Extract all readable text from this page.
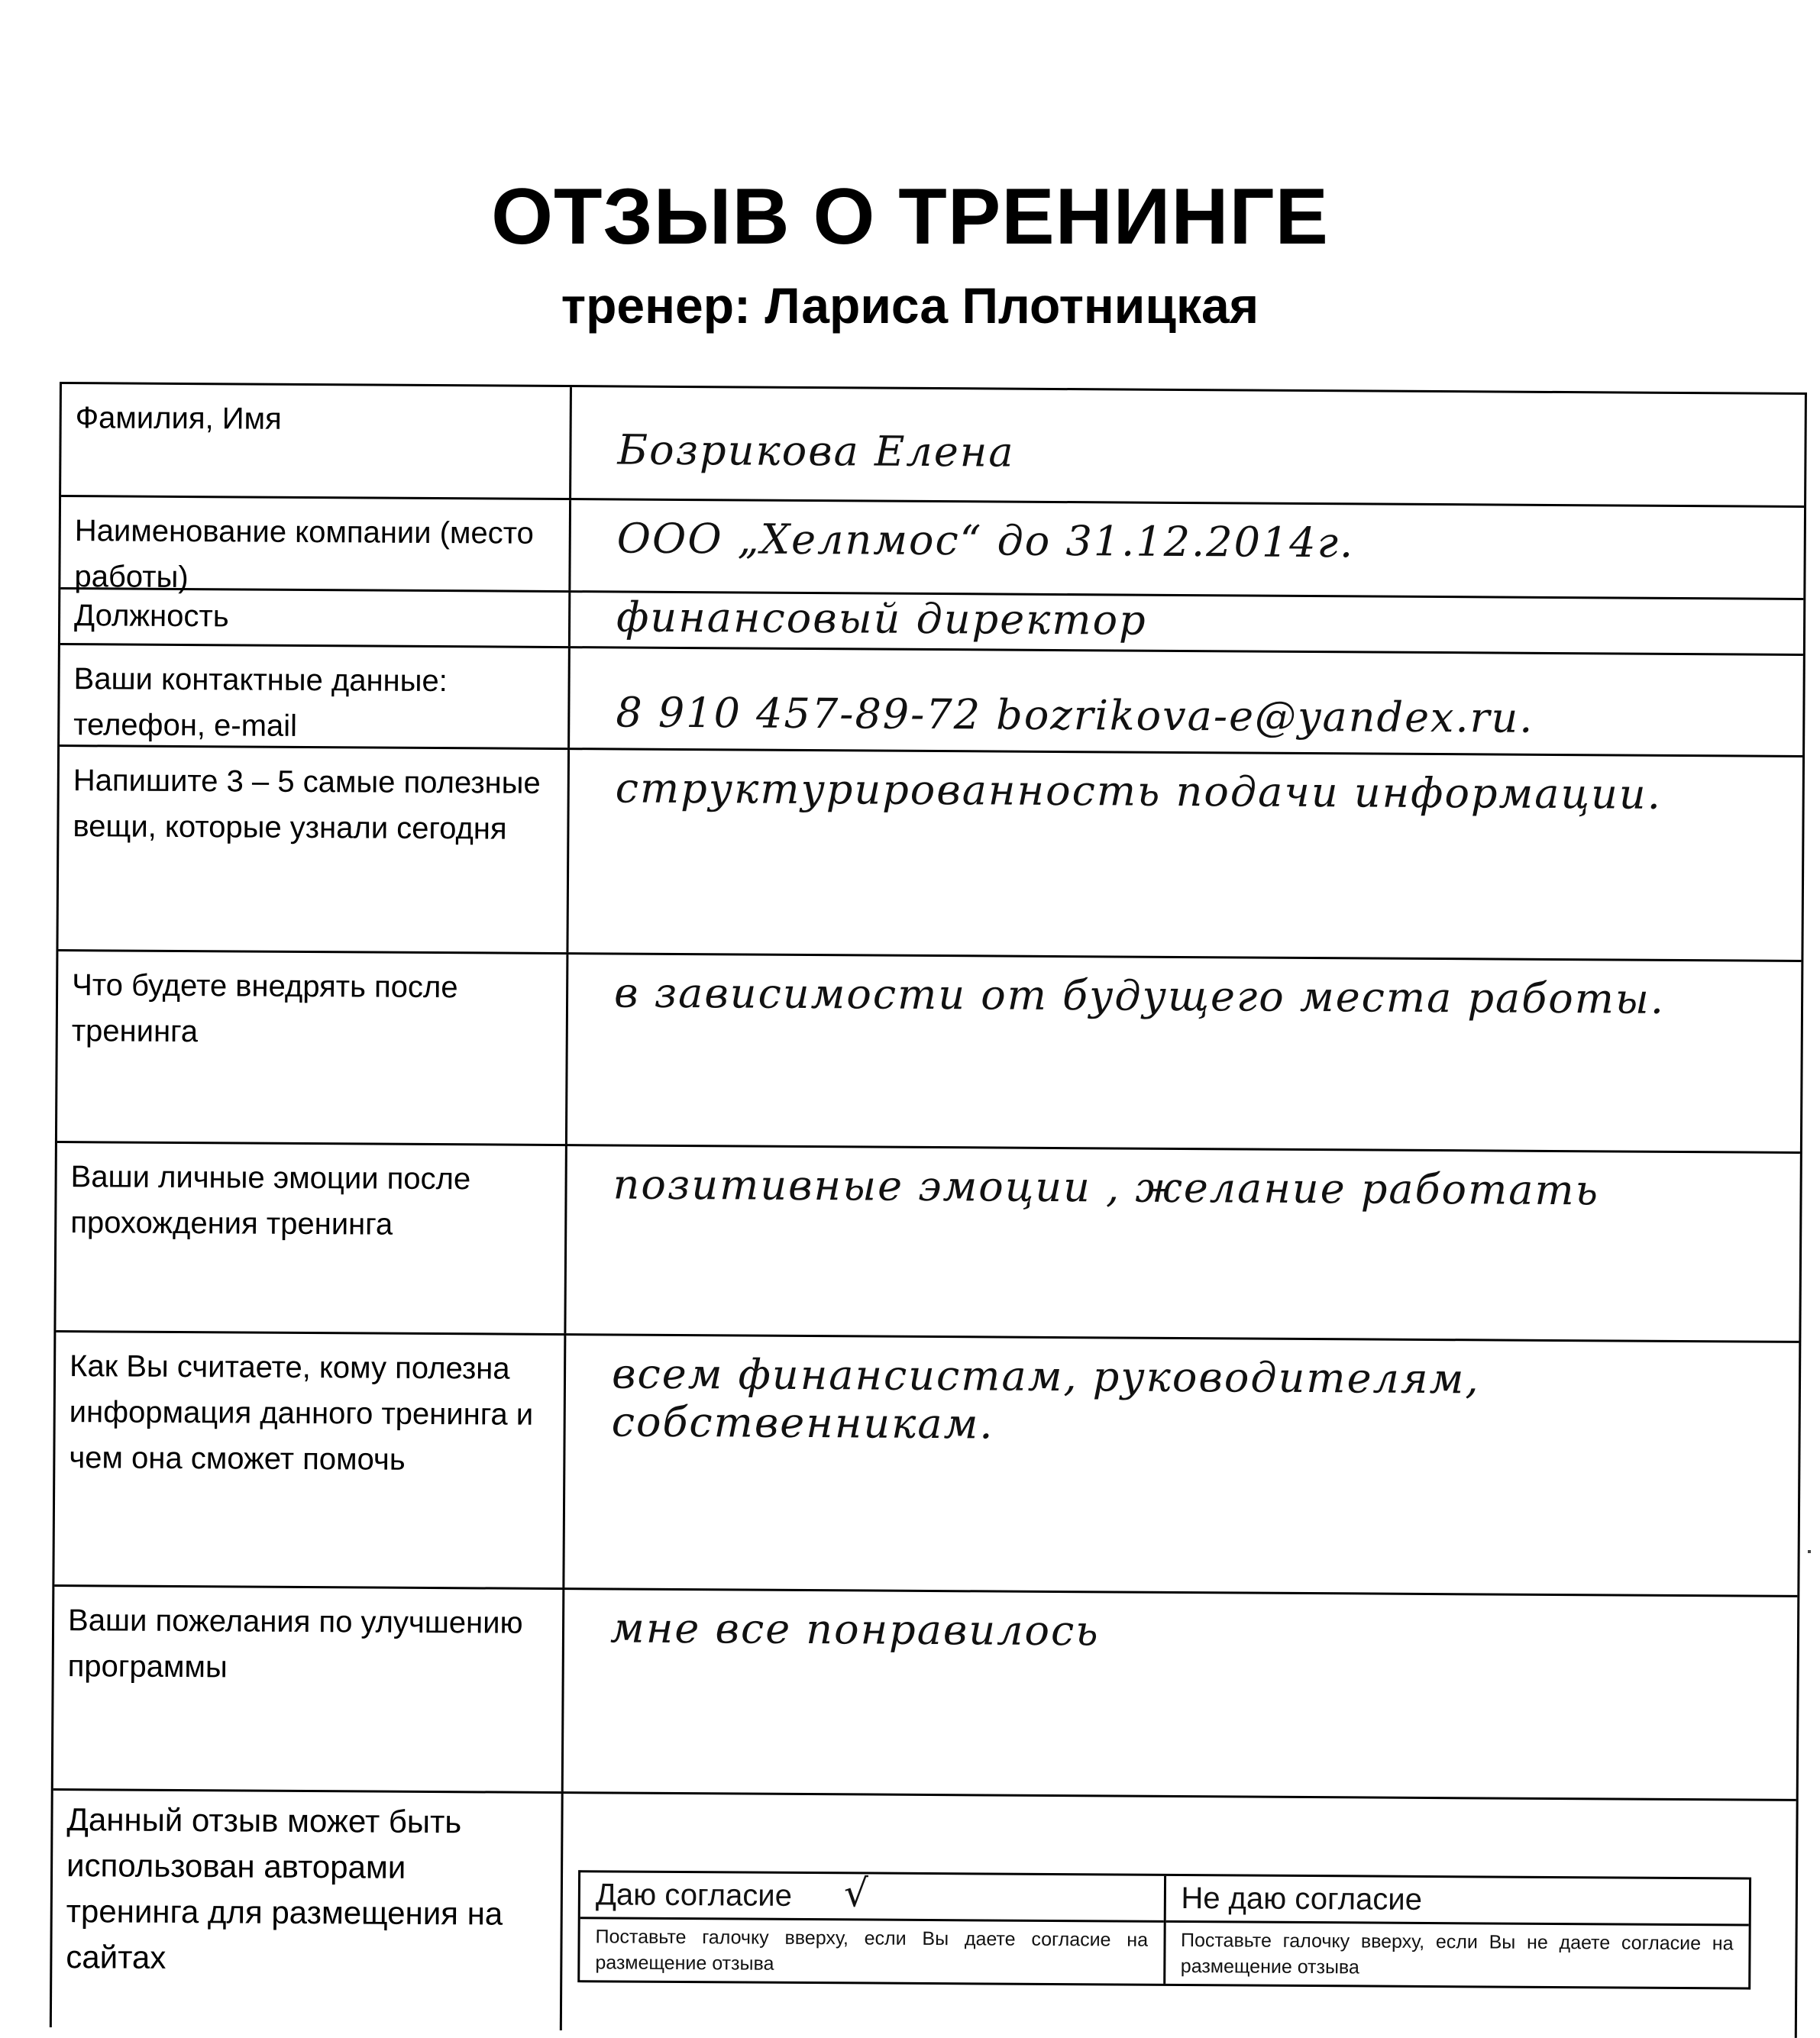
ОТЗЫВ О ТРЕНИНГЕ
тренер: Лариса Плотницкая
Фамилия, Имя
Бозрикова Елена
Наименование компании (место работы)
ООО „Хелпмос“ до 31.12.2014г.
Должность	финансовый директор
Ваши контактные данные: телефон, e-mail	8 910 457-89-72 bozrikova-e@yandex.ru.
Напишите 3 – 5 самые полезные вещи, которые узнали сегодня
структурированность подачи информации.
Что будете внедрять после тренинга
в зависимости от будущего места работы.
Ваши личные эмоции после прохождения тренинга
позитивные эмоции , желание работать
Как Вы считаете, кому полезна информация данного тренинга и чем она сможет помочь
всем финансистам, руководителям, собственникам.
Ваши пожелания по улучшению программы
мне все понравилось
Данный отзыв может быть использован авторами тренинга для размещения на сайтах
Даю согласие √
Поставьте галочку вверху, если Вы даете согласие на размещение отзыва
Не даю согласие
Поставьте галочку вверху, если Вы не даете согласие на размещение отзыва
